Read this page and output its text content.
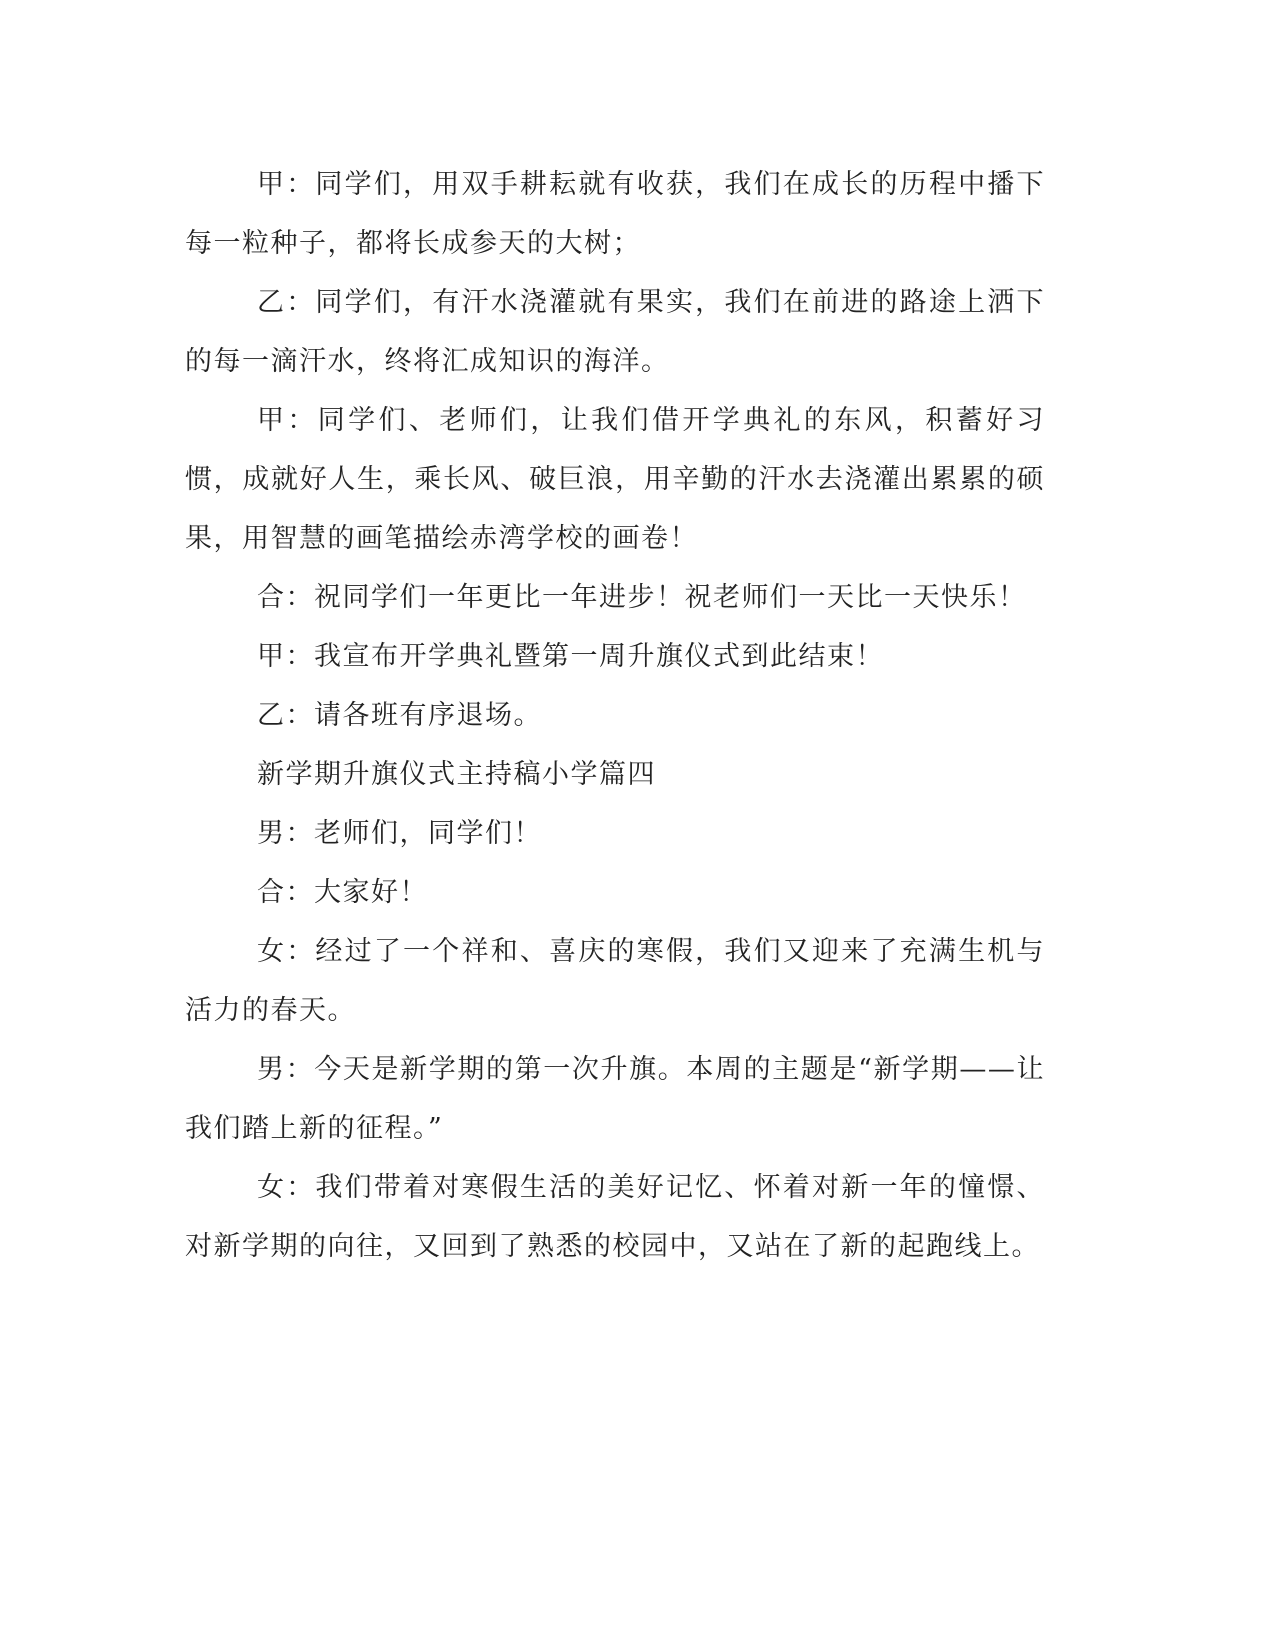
甲：同学们，用双手耕耘就有收获，我们在成长的历程中播下每一粒种子，都将长成参天的大树；

乙：同学们，有汗水浇灌就有果实，我们在前进的路途上洒下的每一滴汗水，终将汇成知识的海洋。

甲：同学们、老师们，让我们借开学典礼的东风，积蓄好习惯，成就好人生，乘长风、破巨浪，用辛勤的汗水去浇灌出累累的硕果，用智慧的画笔描绘赤湾学校的画卷！

合：祝同学们一年更比一年进步！祝老师们一天比一天快乐！

甲：我宣布开学典礼暨第一周升旗仪式到此结束！

乙：请各班有序退场。

新学期升旗仪式主持稿小学篇四

男：老师们，同学们！

合：大家好！

女：经过了一个祥和、喜庆的寒假，我们又迎来了充满生机与活力的春天。

男：今天是新学期的第一次升旗。本周的主题是“新学期——让我们踏上新的征程。”

女：我们带着对寒假生活的美好记忆、怀着对新一年的憧憬、对新学期的向往，又回到了熟悉的校园中，又站在了新的起跑线上。
